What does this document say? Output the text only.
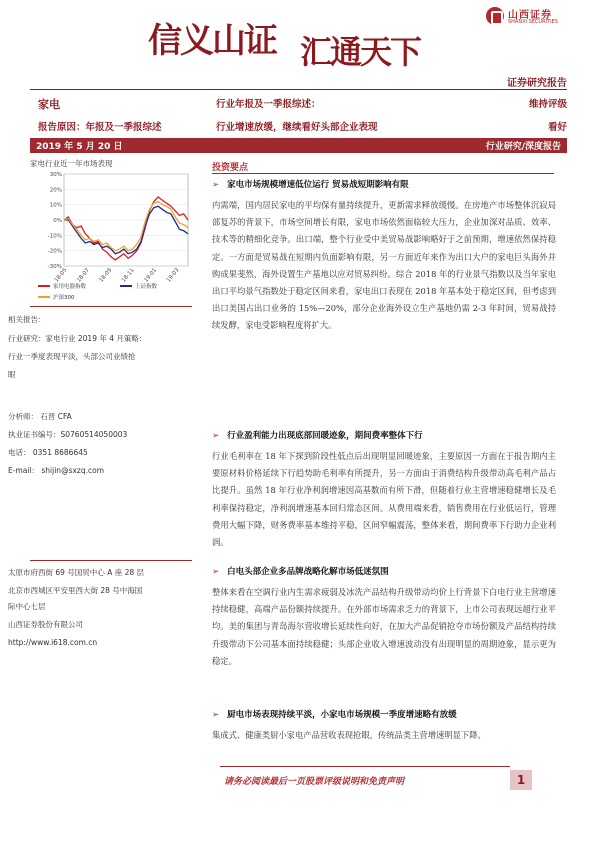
信义山证 汇通天下
山西证券
SHANXI SECURITIES
证券研究报告
家电	行业年报及一季报综述：	维持评级
报告原因：年报及一季报综述	行业增速放缓，继续看好头部企业表现	看好
2019 年 5 月 20 日	行业研究/深度报告
家电行业近一年市场表现
30%
20%
10%
0%
-10%
-20%
-30%
18-05 18-07 18-09 18-11 19-01 19-03
家用电器指数	上证指数
沪深300
相关报告：
行业研究：家电行业 2019 年 4 月策略：
行业一季度表现平淡，头部公司业绩抢
眼
分析师： 石晋 CFA
执业证书编号：S0760514050003
电话： 0351 8686645
E-mail： shijin@sxzq.com
太原市府西街 69 号国贸中心 A 座 28 层
北京市西城区平安里西大街 28 号中海国
际中心七层
山西证券股份有限公司
http://www.i618.com.cn
投资要点
➢ 家电市场规模增速低位运行 贸易战短期影响有限
内需端，国内居民家电的平均保有量持续提升，更新需求释放缓慢。在房地产市场整体沉寂局部复苏的背景下，市场空间增长有限，家电市场依然面临较大压力，企业加深对品质、效率、技术等的精细化竞争。出口端，整个行业受中美贸易战影响略好于之前预期，增速依然保持稳定。一方面是贸易战在短期内负面影响有限，另一方面近年来作为出口大户的家电巨头海外并购成果斐然，海外设置生产基地以应对贸易纠纷。综合 2018 年的行业景气指数以及当年家电出口平均景气指数处于稳定区间来看，家电出口表现在 2018 年基本处于稳定区间，但考虑到出口美国占出口业务的 15%—20%，部分企业海外设立生产基地仍需 2-3 年时间，贸易战持续发酵，家电受影响程度将扩大。
➢ 行业盈利能力出现底部回暖迹象，期间费率整体下行
行业毛利率在 18 年下探到阶段性低点后出现明显回暖迹象，主要原因一方面在于报告期内主要原材料价格延续下行趋势助毛利率有所提升，另一方面由于消费结构升级带动高毛利产品占比提升。虽然 18 年行业净利润增速因高基数而有所下滑，但随着行业主营增速稳健增长及毛利率保持稳定，净利润增速基本回归常态区间。从费用端来看，销售费用在行业低运行，管理费用大幅下降，财务费率基本维持平稳，区间窄幅震荡，整体来看，期间费率下行助力企业利润。
➢ 白电头部企业多品牌战略化解市场低迷氛围
整体来看在空调行业内生需求疲弱及冰洗产品结构升级带动均价上行背景下白电行业主营增速持续稳健，高端产品份额持续提升。在外部市场需求乏力的背景下，上市公司表现远超行业平均。美的集团与青岛海尔营收增长延续性向好，在加大产品促销抢夺市场份额及产品结构持续升级带动下公司基本面持续稳健；头部企业收入增速波动没有出现明显的周期迹象，显示更为稳定。
➢ 厨电市场表现持续平淡，小家电市场规模一季度增速略有放缓
集成式、健康类厨小家电产品营收表现抢眼，传统品类主营增速明显下降。
请务必阅读最后一页股票评级说明和免责声明	1
